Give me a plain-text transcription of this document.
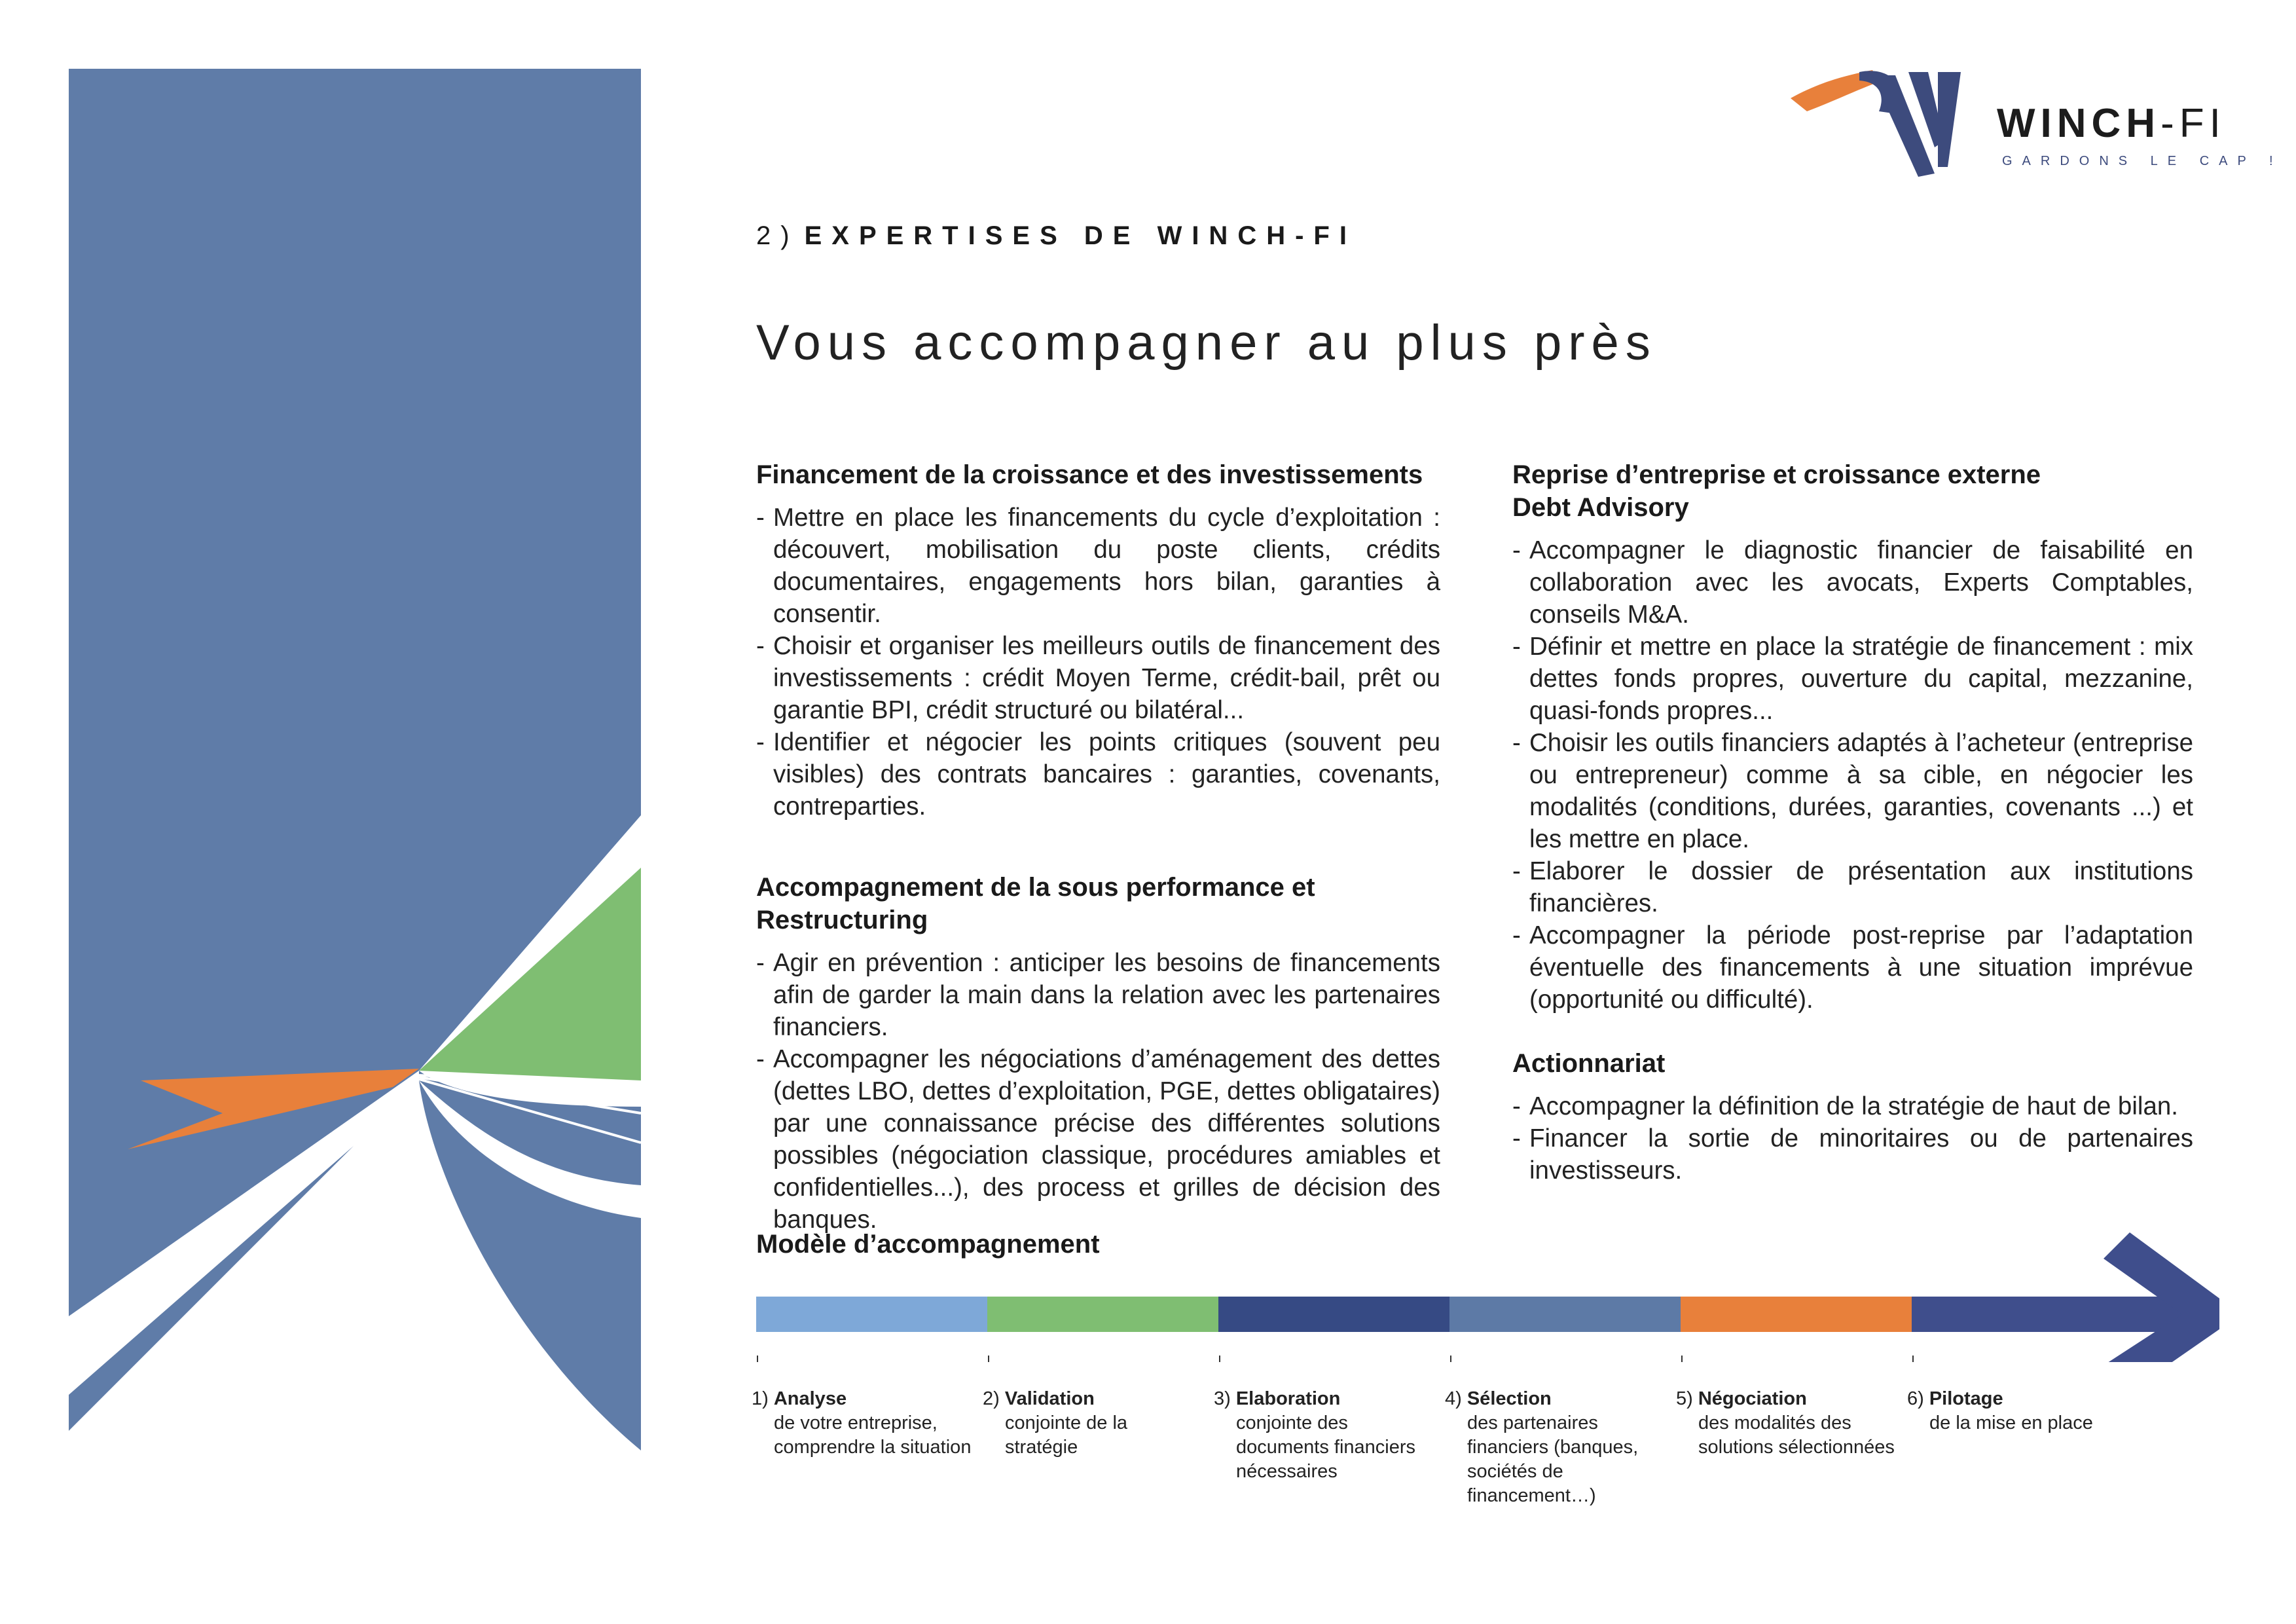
WINCH-FI
GARDONS LE CAP !
2) EXPERTISES DE WINCH-FI
Vous accompagner au plus près
Financement de la croissance et des investissements
- Mettre en place les financements du cycle d’exploitation : découvert, mobilisation du poste clients, crédits documentaires, engagements hors bilan, garanties à consentir.
- Choisir et organiser les meilleurs outils de financement des investissements : crédit Moyen Terme, crédit-bail, prêt ou garantie BPI, crédit structuré ou bilatéral...
- Identifier et négocier les points critiques (souvent peu visibles) des contrats bancaires : garanties, covenants, contreparties.
Accompagnement de la sous performance et Restructuring
- Agir en prévention : anticiper les besoins de financements afin de garder la main dans la relation avec les partenaires financiers.
- Accompagner les négociations d’aménagement des dettes (dettes LBO, dettes d’exploitation, PGE, dettes obligataires) par une connaissance précise des différentes solutions possibles (négociation classique, procédures amiables et confidentielles...), des process et grilles de décision des banques.
Reprise d’entreprise et croissance externe Debt Advisory
- Accompagner le diagnostic financier de faisabilité en collaboration avec les avocats, Experts Comptables, conseils M&A.
- Définir et mettre en place la stratégie de financement : mix dettes fonds propres, ouverture du capital, mezzanine, quasi-fonds propres...
- Choisir les outils financiers adaptés à l’acheteur (entreprise ou entrepreneur) comme à sa cible, en négocier les modalités (conditions, durées, garanties, covenants ...) et les mettre en place.
- Elaborer le dossier de présentation aux institutions financières.
- Accompagner la période post-reprise par l’adaptation éventuelle des financements à une situation imprévue (opportunité ou difficulté).
Actionnariat
- Accompagner la définition de la stratégie de haut de bilan.
- Financer la sortie de minoritaires ou de partenaires investisseurs.
Modèle d’accompagnement
1) Analyse
de votre entreprise, comprendre la situation
2) Validation
conjointe de la stratégie
3) Elaboration
conjointe des documents financiers nécessaires
4) Sélection
des partenaires financiers (banques, sociétés de financement…)
5) Négociation
des modalités des solutions sélectionnées
6) Pilotage
de la mise en place
